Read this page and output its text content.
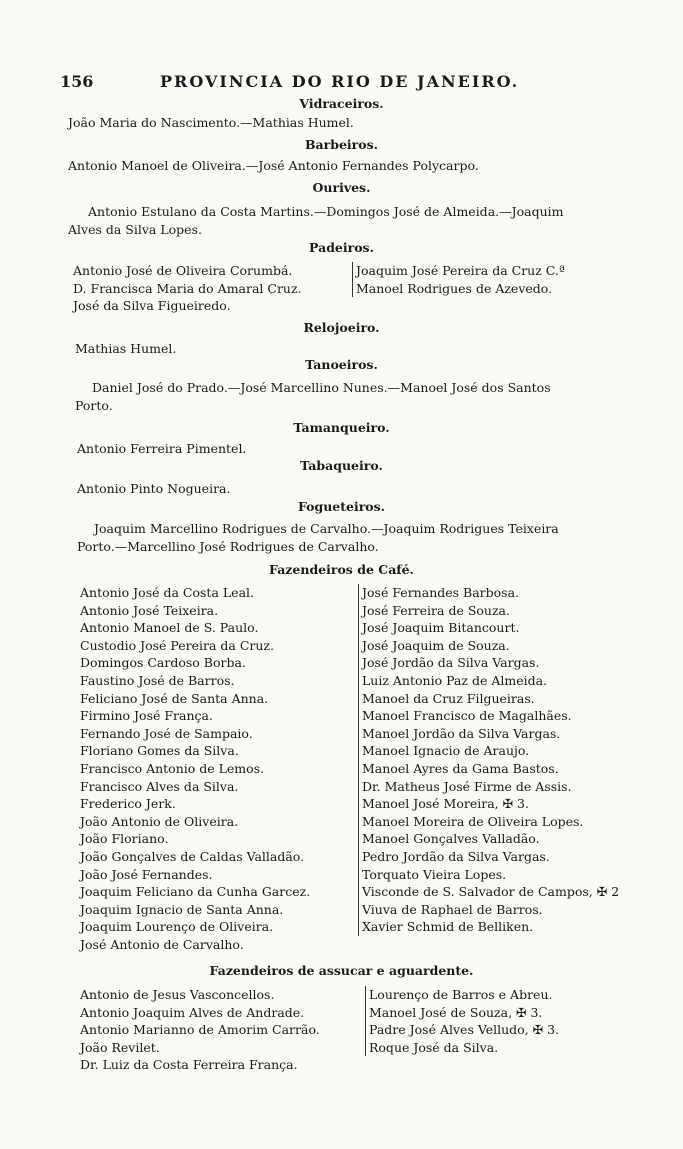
156	PROVINCIA DO RIO DE JANEIRO.
Vidraceiros.
João Maria do Nascimento.—Mathias Humel.
Barbeiros.
Antonio Manoel de Oliveira.—José Antonio Fernandes Polycarpo.
Ourives.
Antonio Estulano da Costa Martins.—Domingos José de Almeida.—Joaquim
Alves da Silva Lopes.
Padeiros.
Antonio José de Oliveira Corumbá.
D. Francisca Maria do Amaral Cruz.
José da Silva Figueiredo.
Joaquim José Pereira da Cruz C.ª
Manoel Rodrigues de Azevedo.
Relojoeiro.
Mathias Humel.
Tanoeiros.
Daniel José do Prado.—José Marcellino Nunes.—Manoel José dos Santos
Porto.
Tamanqueiro.
Antonio Ferreira Pimentel.
Tabaqueiro.
Antonio Pinto Nogueira.
Fogueteiros.
Joaquim Marcellino Rodrigues de Carvalho.—Joaquim Rodrigues Teixeira
Porto.—Marcellino José Rodrigues de Carvalho.
Fazendeiros de Café.
Antonio José da Costa Leal.
Antonio José Teixeira.
Antonio Manoel de S. Paulo.
Custodio José Pereira da Cruz.
Domingos Cardoso Borba.
Faustino José de Barros.
Feliciano José de Santa Anna.
Firmino José França.
Fernando José de Sampaio.
Floriano Gomes da Silva.
Francisco Antonio de Lemos.
Francisco Alves da Silva.
Frederico Jerk.
João Antonio de Oliveira.
João Floriano.
João Gonçalves de Caldas Valladão.
João José Fernandes.
Joaquim Feliciano da Cunha Garcez.
Joaquim Ignacio de Santa Anna.
Joaquim Lourenço de Oliveira.
José Antonio de Carvalho.
José Fernandes Barbosa.
José Ferreira de Souza.
José Joaquim Bitancourt.
José Joaquim de Souza.
José Jordão da Silva Vargas.
Luiz Antonio Paz de Almeida.
Manoel da Cruz Filgueiras.
Manoel Francisco de Magalhães.
Manoel Jordão da Silva Vargas.
Manoel Ignacio de Araujo.
Manoel Ayres da Gama Bastos.
Dr. Matheus José Firme de Assis.
Manoel José Moreira, ✠ 3.
Manoel Moreira de Oliveira Lopes.
Manoel Gonçalves Valladão.
Pedro Jordão da Silva Vargas.
Torquato Vieira Lopes.
Visconde de S. Salvador de Campos, ✠ 2
Viuva de Raphael de Barros.
Xavier Schmid de Belliken.
Fazendeiros de assucar e aguardente.
Antonio de Jesus Vasconcellos.
Antonio Joaquim Alves de Andrade.
Antonio Marianno de Amorim Carrão.
João Revilet.
Dr. Luiz da Costa Ferreira França.
Lourenço de Barros e Abreu.
Manoel José de Souza, ✠ 3.
Padre José Alves Velludo, ✠ 3.
Roque José da Silva.
